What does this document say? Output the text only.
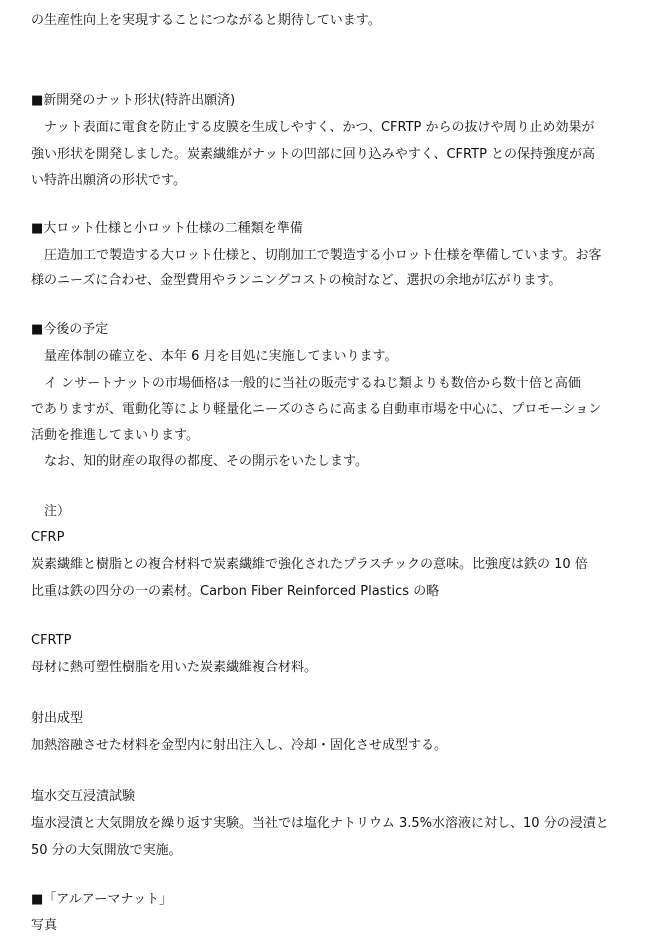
の生産性向上を実現することにつながると期待しています。
■新開発のナット形状(特許出願済)
　ナット表面に電食を防止する皮膜を生成しやすく、かつ、CFRTP からの抜けや周り止め効果が
強い形状を開発しました。炭素繊維がナットの凹部に回り込みやすく、CFRTP との保持強度が高
い特許出願済の形状です。
■大ロット仕様と小ロット仕様の二種類を準備
　圧造加工で製造する大ロット仕様と、切削加工で製造する小ロット仕様を準備しています。お客
様のニーズに合わせ、金型費用やランニングコストの検討など、選択の余地が広がります。
■今後の予定
　量産体制の確立を、本年 6 月を目処に実施してまいります。
　イ ンサートナットの市場価格は一般的に当社の販売するねじ類よりも数倍から数十倍と高価
でありますが、電動化等により軽量化ニーズのさらに高まる自動車市場を中心に、プロモーション
活動を推進してまいります。
　なお、知的財産の取得の都度、その開示をいたします。
　注）
CFRP
炭素繊維と樹脂との複合材料で炭素繊維で強化されたプラスチックの意味。比強度は鉄の 10 倍
比重は鉄の四分の一の素材。Carbon Fiber Reinforced Plastics の略
CFRTP
母材に熱可塑性樹脂を用いた炭素繊維複合材料。
射出成型
加熱溶融させた材料を金型内に射出注入し、冷却・固化させ成型する。
塩水交互浸漬試験
塩水浸漬と大気開放を繰り返す実験。当社では塩化ナトリウム 3.5%水溶液に対し、10 分の浸漬と
50 分の大気開放で実施。
■「アルアーマナット」
写真
